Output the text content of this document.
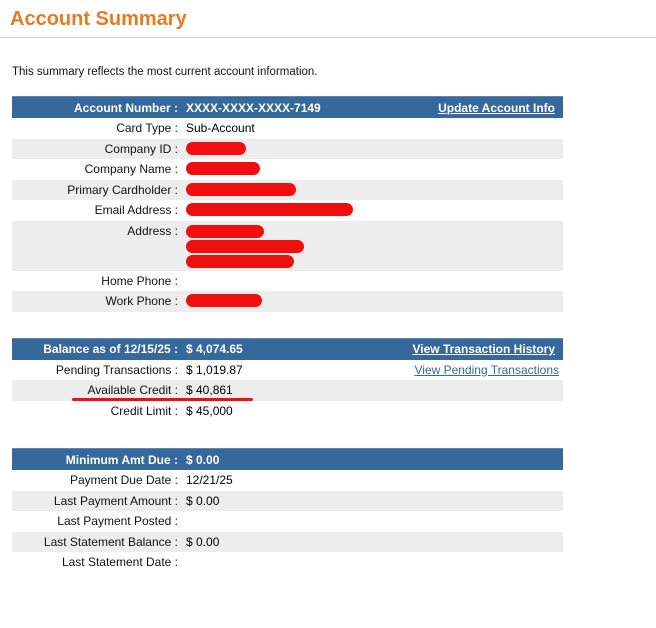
Account Summary

This summary reflects the most current account information.

Account Number : XXXX-XXXX-XXXX-7149	Update Account Info
Card Type : Sub-Account
Company ID :
Company Name :
Primary Cardholder :
Email Address :
Address :
Home Phone :
Work Phone :
Balance as of 12/15/25 : $ 4,074.65	View Transaction History
Pending Transactions : $ 1,019.87	View Pending Transactions
Available Credit : $ 40,861
Credit Limit : $ 45,000
Minimum Amt Due : $ 0.00
Payment Due Date : 12/21/25
Last Payment Amount : $ 0.00
Last Payment Posted :
Last Statement Balance : $ 0.00
Last Statement Date :
